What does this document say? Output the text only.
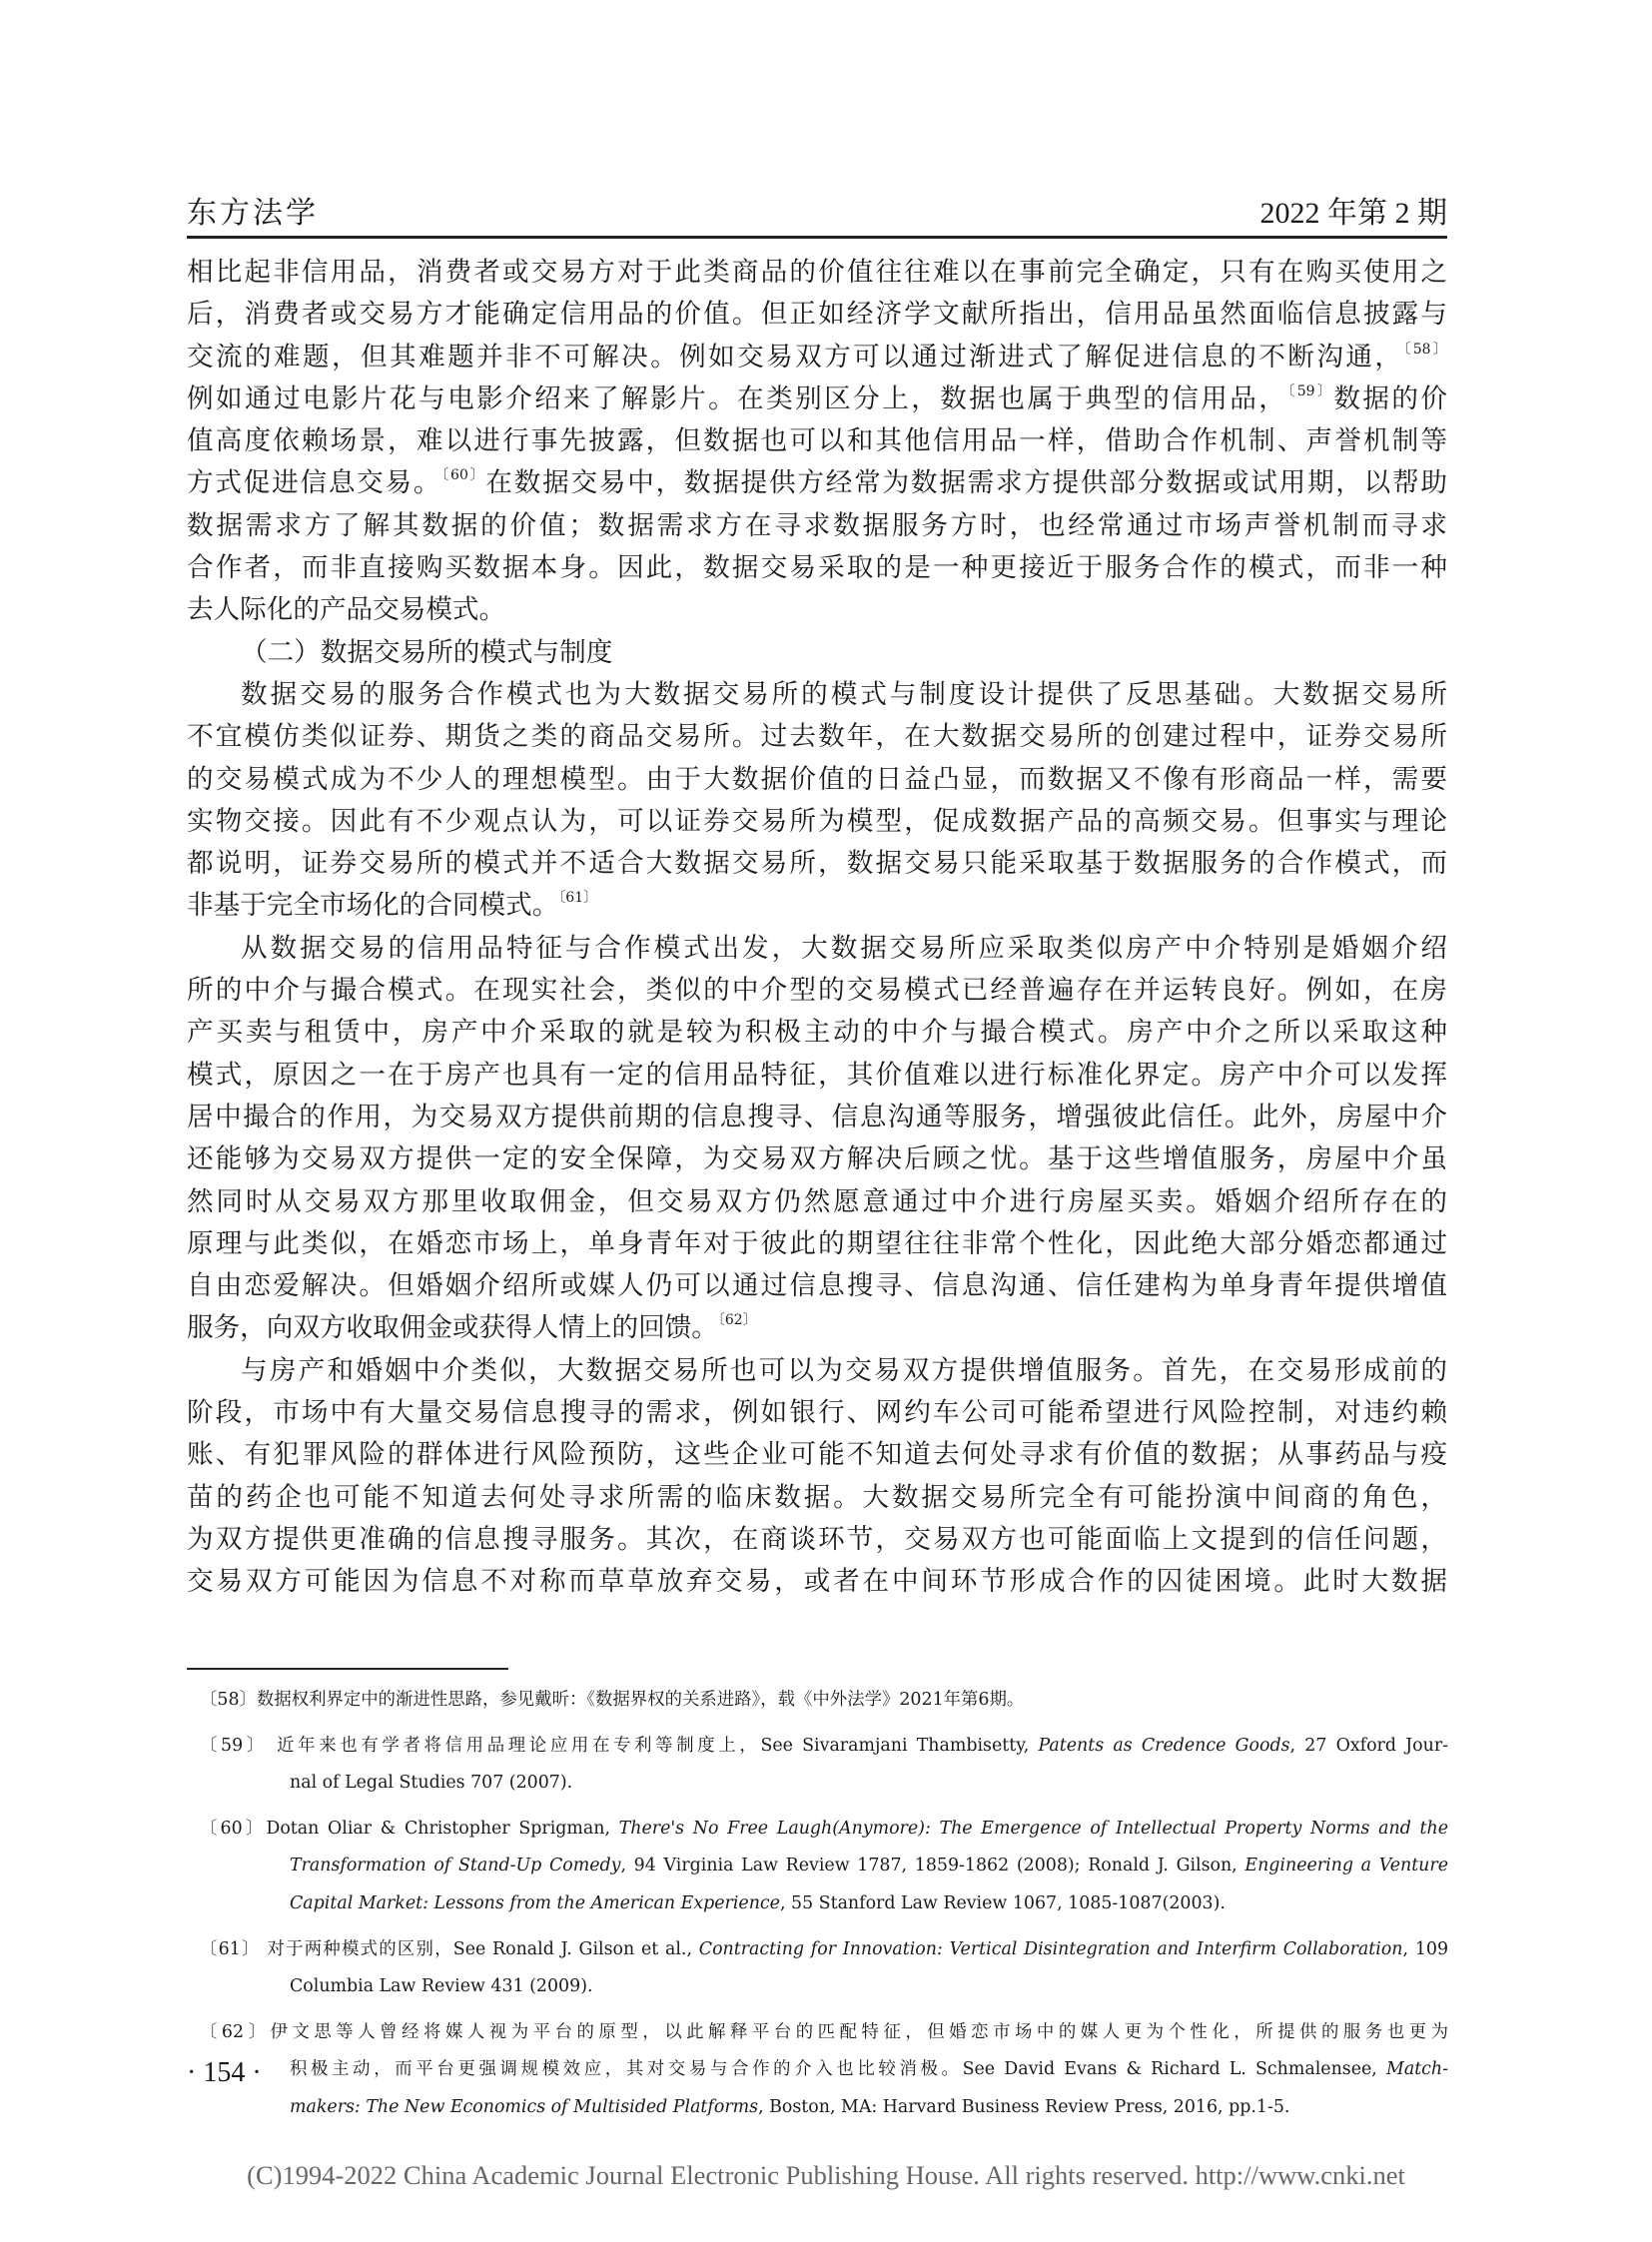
东方法学	2022 年第 2 期
相比起非信用品，消费者或交易方对于此类商品的价值往往难以在事前完全确定，只有在购买使用之
后，消费者或交易方才能确定信用品的价值。但正如经济学文献所指出，信用品虽然面临信息披露与
交流的难题，但其难题并非不可解决。例如交易双方可以通过渐进式了解促进信息的不断沟通，$^{〔58〕}$
例如通过电影片花与电影介绍来了解影片。在类别区分上，数据也属于典型的信用品，$^{〔59〕}$数据的价
值高度依赖场景，难以进行事先披露，但数据也可以和其他信用品一样，借助合作机制、声誉机制等
方式促进信息交易。$^{〔60〕}$在数据交易中，数据提供方经常为数据需求方提供部分数据或试用期，以帮助
数据需求方了解其数据的价值；数据需求方在寻求数据服务方时，也经常通过市场声誉机制而寻求
合作者，而非直接购买数据本身。因此，数据交易采取的是一种更接近于服务合作的模式，而非一种
去人际化的产品交易模式。
（二）数据交易所的模式与制度
数据交易的服务合作模式也为大数据交易所的模式与制度设计提供了反思基础。大数据交易所
不宜模仿类似证券、期货之类的商品交易所。过去数年，在大数据交易所的创建过程中，证券交易所
的交易模式成为不少人的理想模型。由于大数据价值的日益凸显，而数据又不像有形商品一样，需要
实物交接。因此有不少观点认为，可以证券交易所为模型，促成数据产品的高频交易。但事实与理论
都说明，证券交易所的模式并不适合大数据交易所，数据交易只能采取基于数据服务的合作模式，而
非基于完全市场化的合同模式。$^{〔61〕}$
从数据交易的信用品特征与合作模式出发，大数据交易所应采取类似房产中介特别是婚姻介绍
所的中介与撮合模式。在现实社会，类似的中介型的交易模式已经普遍存在并运转良好。例如，在房
产买卖与租赁中，房产中介采取的就是较为积极主动的中介与撮合模式。房产中介之所以采取这种
模式，原因之一在于房产也具有一定的信用品特征，其价值难以进行标准化界定。房产中介可以发挥
居中撮合的作用，为交易双方提供前期的信息搜寻、信息沟通等服务，增强彼此信任。此外，房屋中介
还能够为交易双方提供一定的安全保障，为交易双方解决后顾之忧。基于这些增值服务，房屋中介虽
然同时从交易双方那里收取佣金，但交易双方仍然愿意通过中介进行房屋买卖。婚姻介绍所存在的
原理与此类似，在婚恋市场上，单身青年对于彼此的期望往往非常个性化，因此绝大部分婚恋都通过
自由恋爱解决。但婚姻介绍所或媒人仍可以通过信息搜寻、信息沟通、信任建构为单身青年提供增值
服务，向双方收取佣金或获得人情上的回馈。$^{〔62〕}$
与房产和婚姻中介类似，大数据交易所也可以为交易双方提供增值服务。首先，在交易形成前的
阶段，市场中有大量交易信息搜寻的需求，例如银行、网约车公司可能希望进行风险控制，对违约赖
账、有犯罪风险的群体进行风险预防，这些企业可能不知道去何处寻求有价值的数据；从事药品与疫
苗的药企也可能不知道去何处寻求所需的临床数据。大数据交易所完全有可能扮演中间商的角色，
为双方提供更准确的信息搜寻服务。其次，在商谈环节，交易双方也可能面临上文提到的信任问题，
交易双方可能因为信息不对称而草草放弃交易，或者在中间环节形成合作的囚徒困境。此时大数据
〔58〕数据权利界定中的渐进性思路，参见戴昕：《数据界权的关系进路》，载《中外法学》2021年第6期。
〔59〕 近年来也有学者将信用品理论应用在专利等制度上，See Sivaramjani Thambisetty, Patents as Credence Goods, 27 Oxford Jour-
nal of Legal Studies 707 (2007).
〔60〕Dotan Oliar & Christopher Sprigman, There's No Free Laugh(Anymore): The Emergence of Intellectual Property Norms and the
Transformation of Stand-Up Comedy, 94 Virginia Law Review 1787, 1859-1862 (2008); Ronald J. Gilson, Engineering a Venture
Capital Market: Lessons from the American Experience, 55 Stanford Law Review 1067, 1085-1087(2003).
〔61〕 对于两种模式的区别，See Ronald J. Gilson et al., Contracting for Innovation: Vertical Disintegration and Interfirm Collaboration, 109
Columbia Law Review 431 (2009).
〔62〕伊文思等人曾经将媒人视为平台的原型，以此解释平台的匹配特征，但婚恋市场中的媒人更为个性化，所提供的服务也更为
积极主动，而平台更强调规模效应，其对交易与合作的介入也比较消极。See David Evans & Richard L. Schmalensee, Match-
makers: The New Economics of Multisided Platforms, Boston, MA: Harvard Business Review Press, 2016, pp.1-5.
· 154 ·
(C)1994-2022 China Academic Journal Electronic Publishing House. All rights reserved. http://www.cnki.net
